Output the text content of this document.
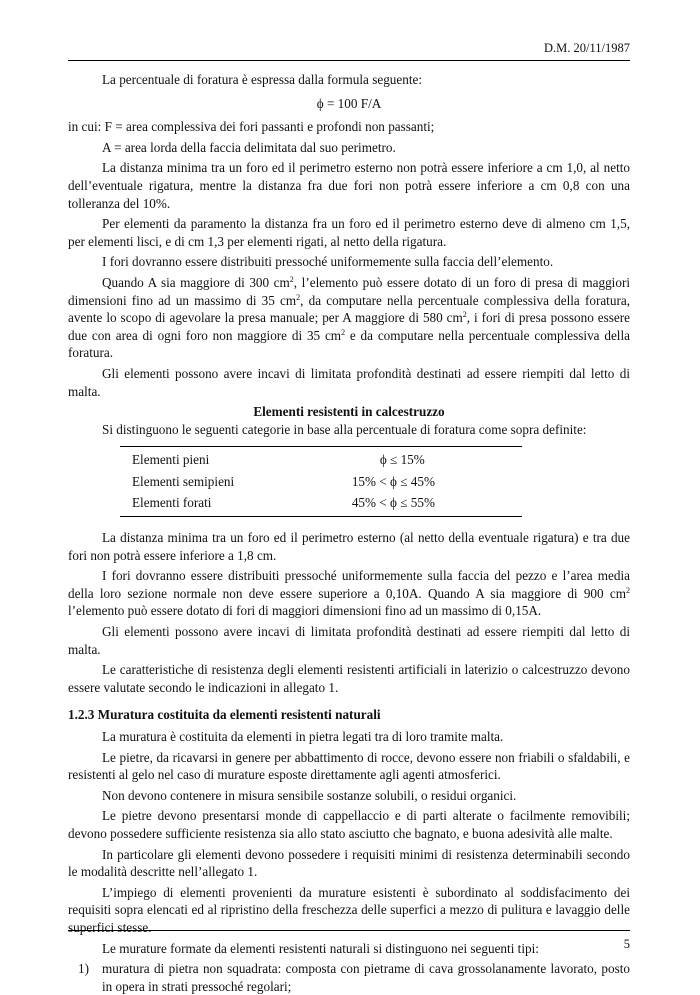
D.M. 20/11/1987

La percentuale di foratura è espressa dalla formula seguente:

ϕ = 100 F/A

in cui: F = area complessiva dei fori passanti e profondi non passanti;

A = area lorda della faccia delimitata dal suo perimetro.

La distanza minima tra un foro ed il perimetro esterno non potrà essere inferiore a cm 1,0, al netto dell’eventuale rigatura, mentre la distanza fra due fori non potrà essere inferiore a cm 0,8 con una tolleranza del 10%.

Per elementi da paramento la distanza fra un foro ed il perimetro esterno deve di almeno cm 1,5, per elementi lisci, e di cm 1,3 per elementi rigati, al netto della rigatura.

I fori dovranno essere distribuiti pressoché uniformemente sulla faccia dell’elemento.

Quando A sia maggiore di 300 $cm^2$, l’elemento può essere dotato di un foro di presa di maggiori dimensioni fino ad un massimo di 35 $cm^2$, da computare nella percentuale complessiva della foratura, avente lo scopo di agevolare la presa manuale; per A maggiore di 580 $cm^2$, i fori di presa possono essere due con area di ogni foro non maggiore di 35 $cm^2$ e da computare nella percentuale complessiva della foratura.

Gli elementi possono avere incavi di limitata profondità destinati ad essere riempiti dal letto di malta.

Elementi resistenti in calcestruzzo

Si distinguono le seguenti categorie in base alla percentuale di foratura come sopra definite:

Elementi pieni	ϕ ≤ 15%
Elementi semipieni	15% < ϕ ≤ 45%
Elementi forati	45% < ϕ ≤ 55%

La distanza minima tra un foro ed il perimetro esterno (al netto della eventuale rigatura) e tra due fori non potrà essere inferiore a 1,8 cm.

I fori dovranno essere distribuiti pressoché uniformemente sulla faccia del pezzo e l’area media della loro sezione normale non deve essere superiore a 0,10A. Quando A sia maggiore di 900 $cm^2$ l’elemento può essere dotato di fori di maggiori dimensioni fino ad un massimo di 0,15A.

Gli elementi possono avere incavi di limitata profondità destinati ad essere riempiti dal letto di malta.

Le caratteristiche di resistenza degli elementi resistenti artificiali in laterizio o calcestruzzo devono essere valutate secondo le indicazioni in allegato 1.

1.2.3 Muratura costituita da elementi resistenti naturali

La muratura è costituita da elementi in pietra legati tra di loro tramite malta.

Le pietre, da ricavarsi in genere per abbattimento di rocce, devono essere non friabili o sfaldabili, e resistenti al gelo nel caso di murature esposte direttamente agli agenti atmosferici.

Non devono contenere in misura sensibile sostanze solubili, o residui organici.

Le pietre devono presentarsi monde di cappellaccio e di parti alterate o facilmente removibili; devono possedere sufficiente resistenza sia allo stato asciutto che bagnato, e buona adesività alle malte.

In particolare gli elementi devono possedere i requisiti minimi di resistenza determinabili secondo le modalità descritte nell’allegato 1.

L’impiego di elementi provenienti da murature esistenti è subordinato al soddisfacimento dei requisiti sopra elencati ed al ripristino della freschezza delle superfici a mezzo di pulitura e lavaggio delle superfici stesse.

Le murature formate da elementi resistenti naturali si distinguono nei seguenti tipi:

1) muratura di pietra non squadrata: composta con pietrame di cava grossolanamente lavorato, posto in opera in strati pressoché regolari;
5
